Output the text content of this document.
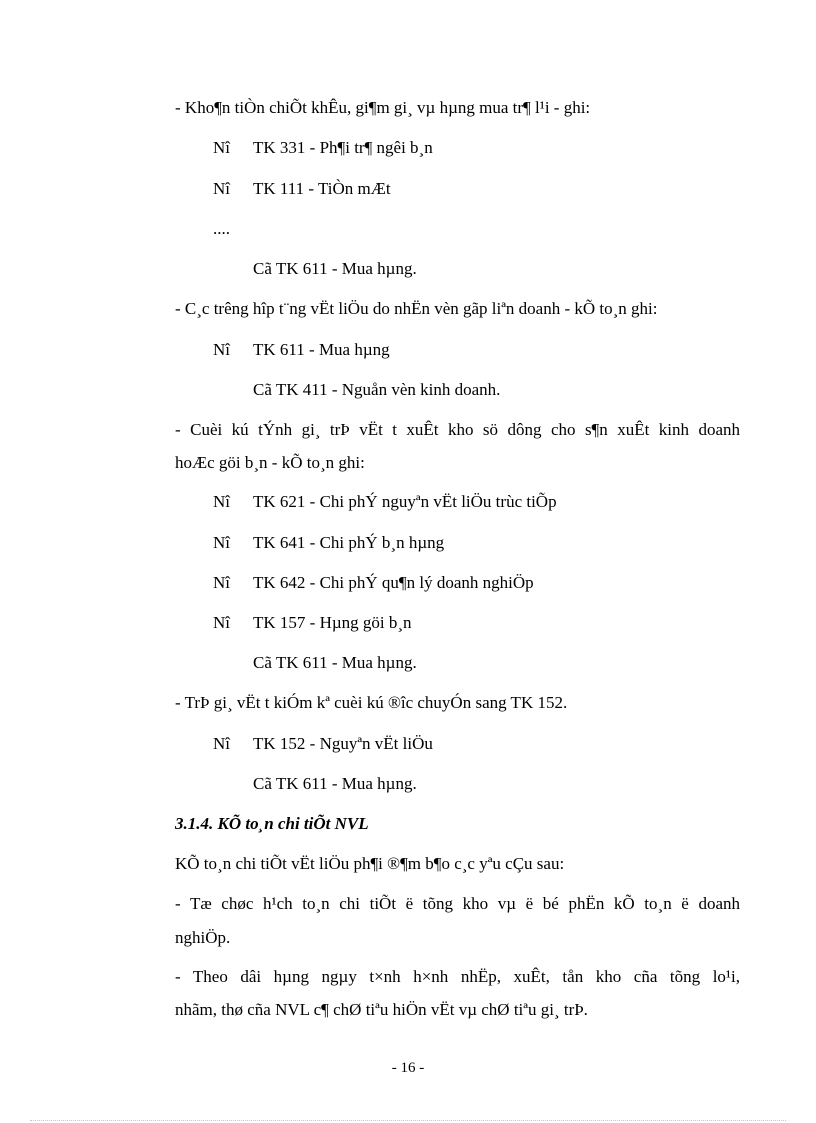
- Kho¶n tiÒn chiÕt khÊu, gi¶m gi¸ vµ hµng mua tr¶ l¹i - ghi:
Nî TK 331 - Ph¶i tr¶ ngêi b¸n
Nî TK 111 - TiÒn mÆt
....
Cã TK 611 - Mua hµng.
- C¸c trêng hîp t¨ng vËt liÖu do nhËn vèn gãp liªn doanh - kÕ to¸n ghi:
Nî TK 611 - Mua hµng
Cã TK 411 - Nguån vèn kinh doanh.
- Cuèi kú tÝnh gi¸ trÞ vËt t xuÊt kho sö dông cho s¶n xuÊt kinh doanh
hoÆc göi b¸n - kÕ to¸n ghi:
Nî TK 621 - Chi phÝ nguyªn vËt liÖu trùc tiÕp
Nî TK 641 - Chi phÝ b¸n hµng
Nî TK 642 - Chi phÝ qu¶n lý doanh nghiÖp
Nî TK 157 - Hµng göi b¸n
Cã TK 611 - Mua hµng.
- TrÞ gi¸ vËt t kiÓm kª cuèi kú ®îc chuyÓn sang TK 152.
Nî TK 152 - Nguyªn vËt liÖu
Cã TK 611 - Mua hµng.
3.1.4. KÕ to¸n chi tiÕt NVL
KÕ to¸n chi tiÕt vËt liÖu ph¶i ®¶m b¶o c¸c yªu cÇu sau:
- Tæ chøc h¹ch to¸n chi tiÕt ë tõng kho vµ ë bé phËn kÕ to¸n ë doanh
nghiÖp.
- Theo dâi hµng ngµy t×nh h×nh nhËp, xuÊt, tån kho cña tõng lo¹i,
nhãm, thø cña NVL c¶ chØ tiªu hiÖn vËt vµ chØ tiªu gi¸ trÞ.
- 16 -
